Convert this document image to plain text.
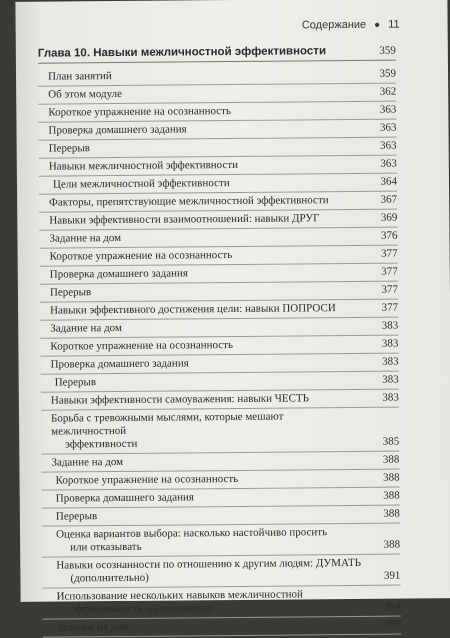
Содержание ● 11
Глава 10. Навыки межличностной эффективности	359
План занятий	359
Об этом модуле	362
Короткое упражнение на осознанность	363
Проверка домашнего задания	363
Перерыв	363
Навыки межличностной эффективности	363
Цели межличностной эффективности	364
Факторы, препятствующие межличностной эффективности	367
Навыки эффективности взаимоотношений: навыки ДРУГ	369
Задание на дом	376
Короткое упражнение на осознанность	377
Проверка домашнего задания	377
Перерыв	377
Навыки эффективного достижения цели: навыки ПОПРОСИ	377
Задание на дом	383
Короткое упражнение на осознанность	383
Проверка домашнего задания	383
Перерыв	383
Навыки эффективности самоуважения: навыки ЧЕСТЬ	383
Борьба с тревожными мыслями, которые мешают межличностной
эффективности	385
Задание на дом	388
Короткое упражнение на осознанность	388
Проверка домашнего задания	388
Перерыв	388
Оценка вариантов выбора: насколько настойчиво просить
или отказывать	388
Навыки осознанности по отношению к другим людям: ДУМАТЬ
(дополнительно)	391
Использование нескольких навыков межличностной
эффективности одновременно	394
Задание на дом	397
э
з
б
ϭ
т
й
